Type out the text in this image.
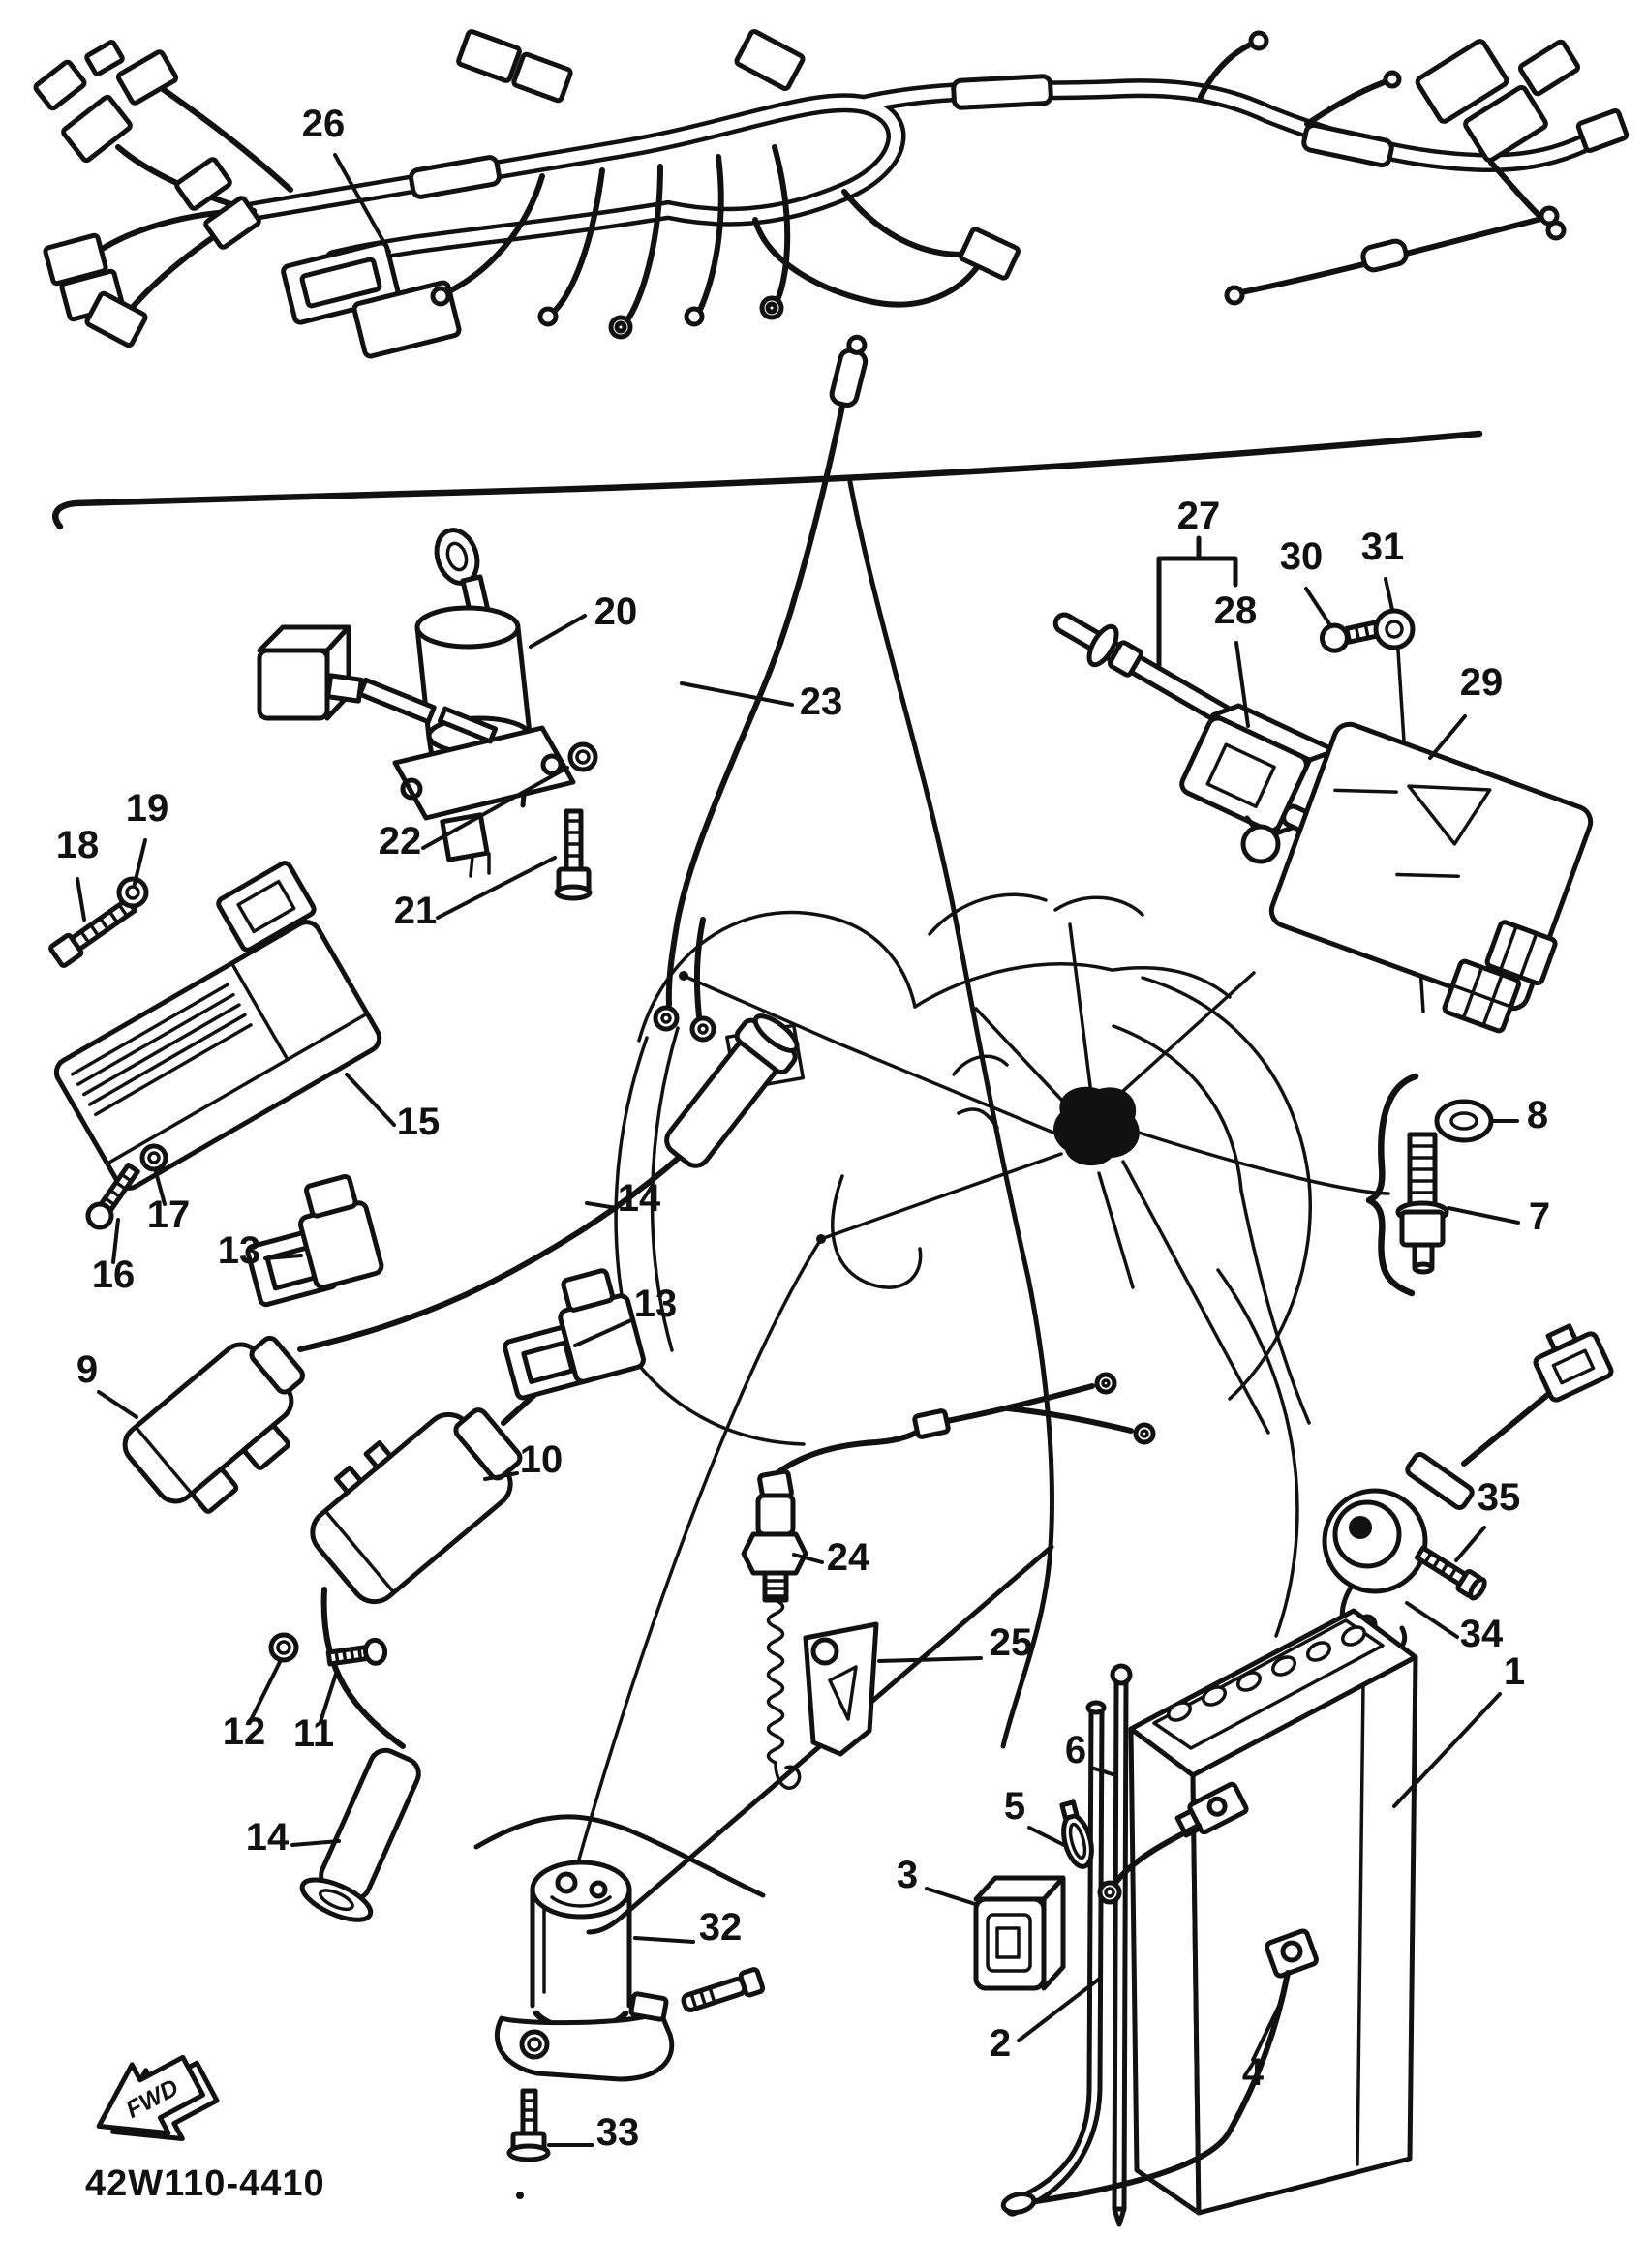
FWD
42W110-4410
26
20
23
27
28
30 31
29
22
21
19
18
15
17
16
13
13
14
14
9
10
12 11
24
25
8
7
35
34
32
33
1
6
5
3
2
4
